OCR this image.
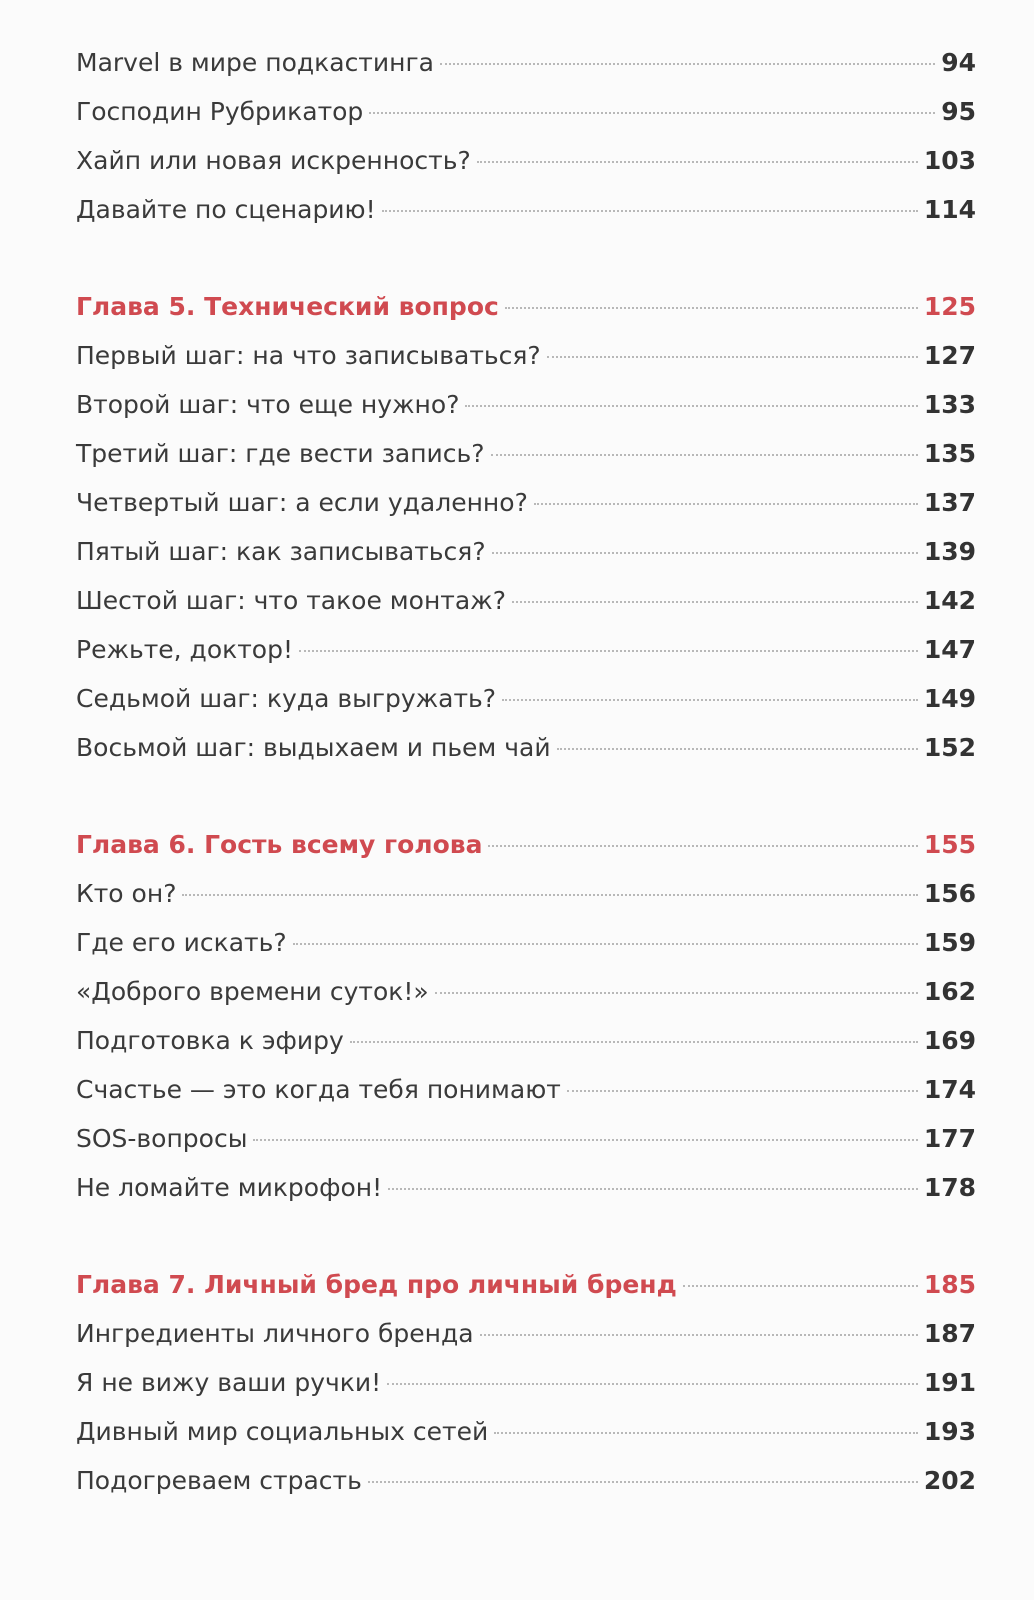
Marvel в мире подкастинга	94
Господин Рубрикатор	95
Хайп или новая искренность?	103
Давайте по сценарию!	114
Глава 5. Технический вопрос	125
Первый шаг: на что записываться?	127
Второй шаг: что еще нужно?	133
Третий шаг: где вести запись?	135
Четвертый шаг: а если удаленно?	137
Пятый шаг: как записываться?	139
Шестой шаг: что такое монтаж?	142
Режьте, доктор!	147
Седьмой шаг: куда выгружать?	149
Восьмой шаг: выдыхаем и пьем чай	152
Глава 6. Гость всему голова	155
Кто он?	156
Где его искать?	159
«Доброго времени суток!»	162
Подготовка к эфиру	169
Счастье — это когда тебя понимают	174
SOS-вопросы	177
Не ломайте микрофон!	178
Глава 7. Личный бред про личный бренд	185
Ингредиенты личного бренда	187
Я не вижу ваши ручки!	191
Дивный мир социальных сетей	193
Подогреваем страсть	202
